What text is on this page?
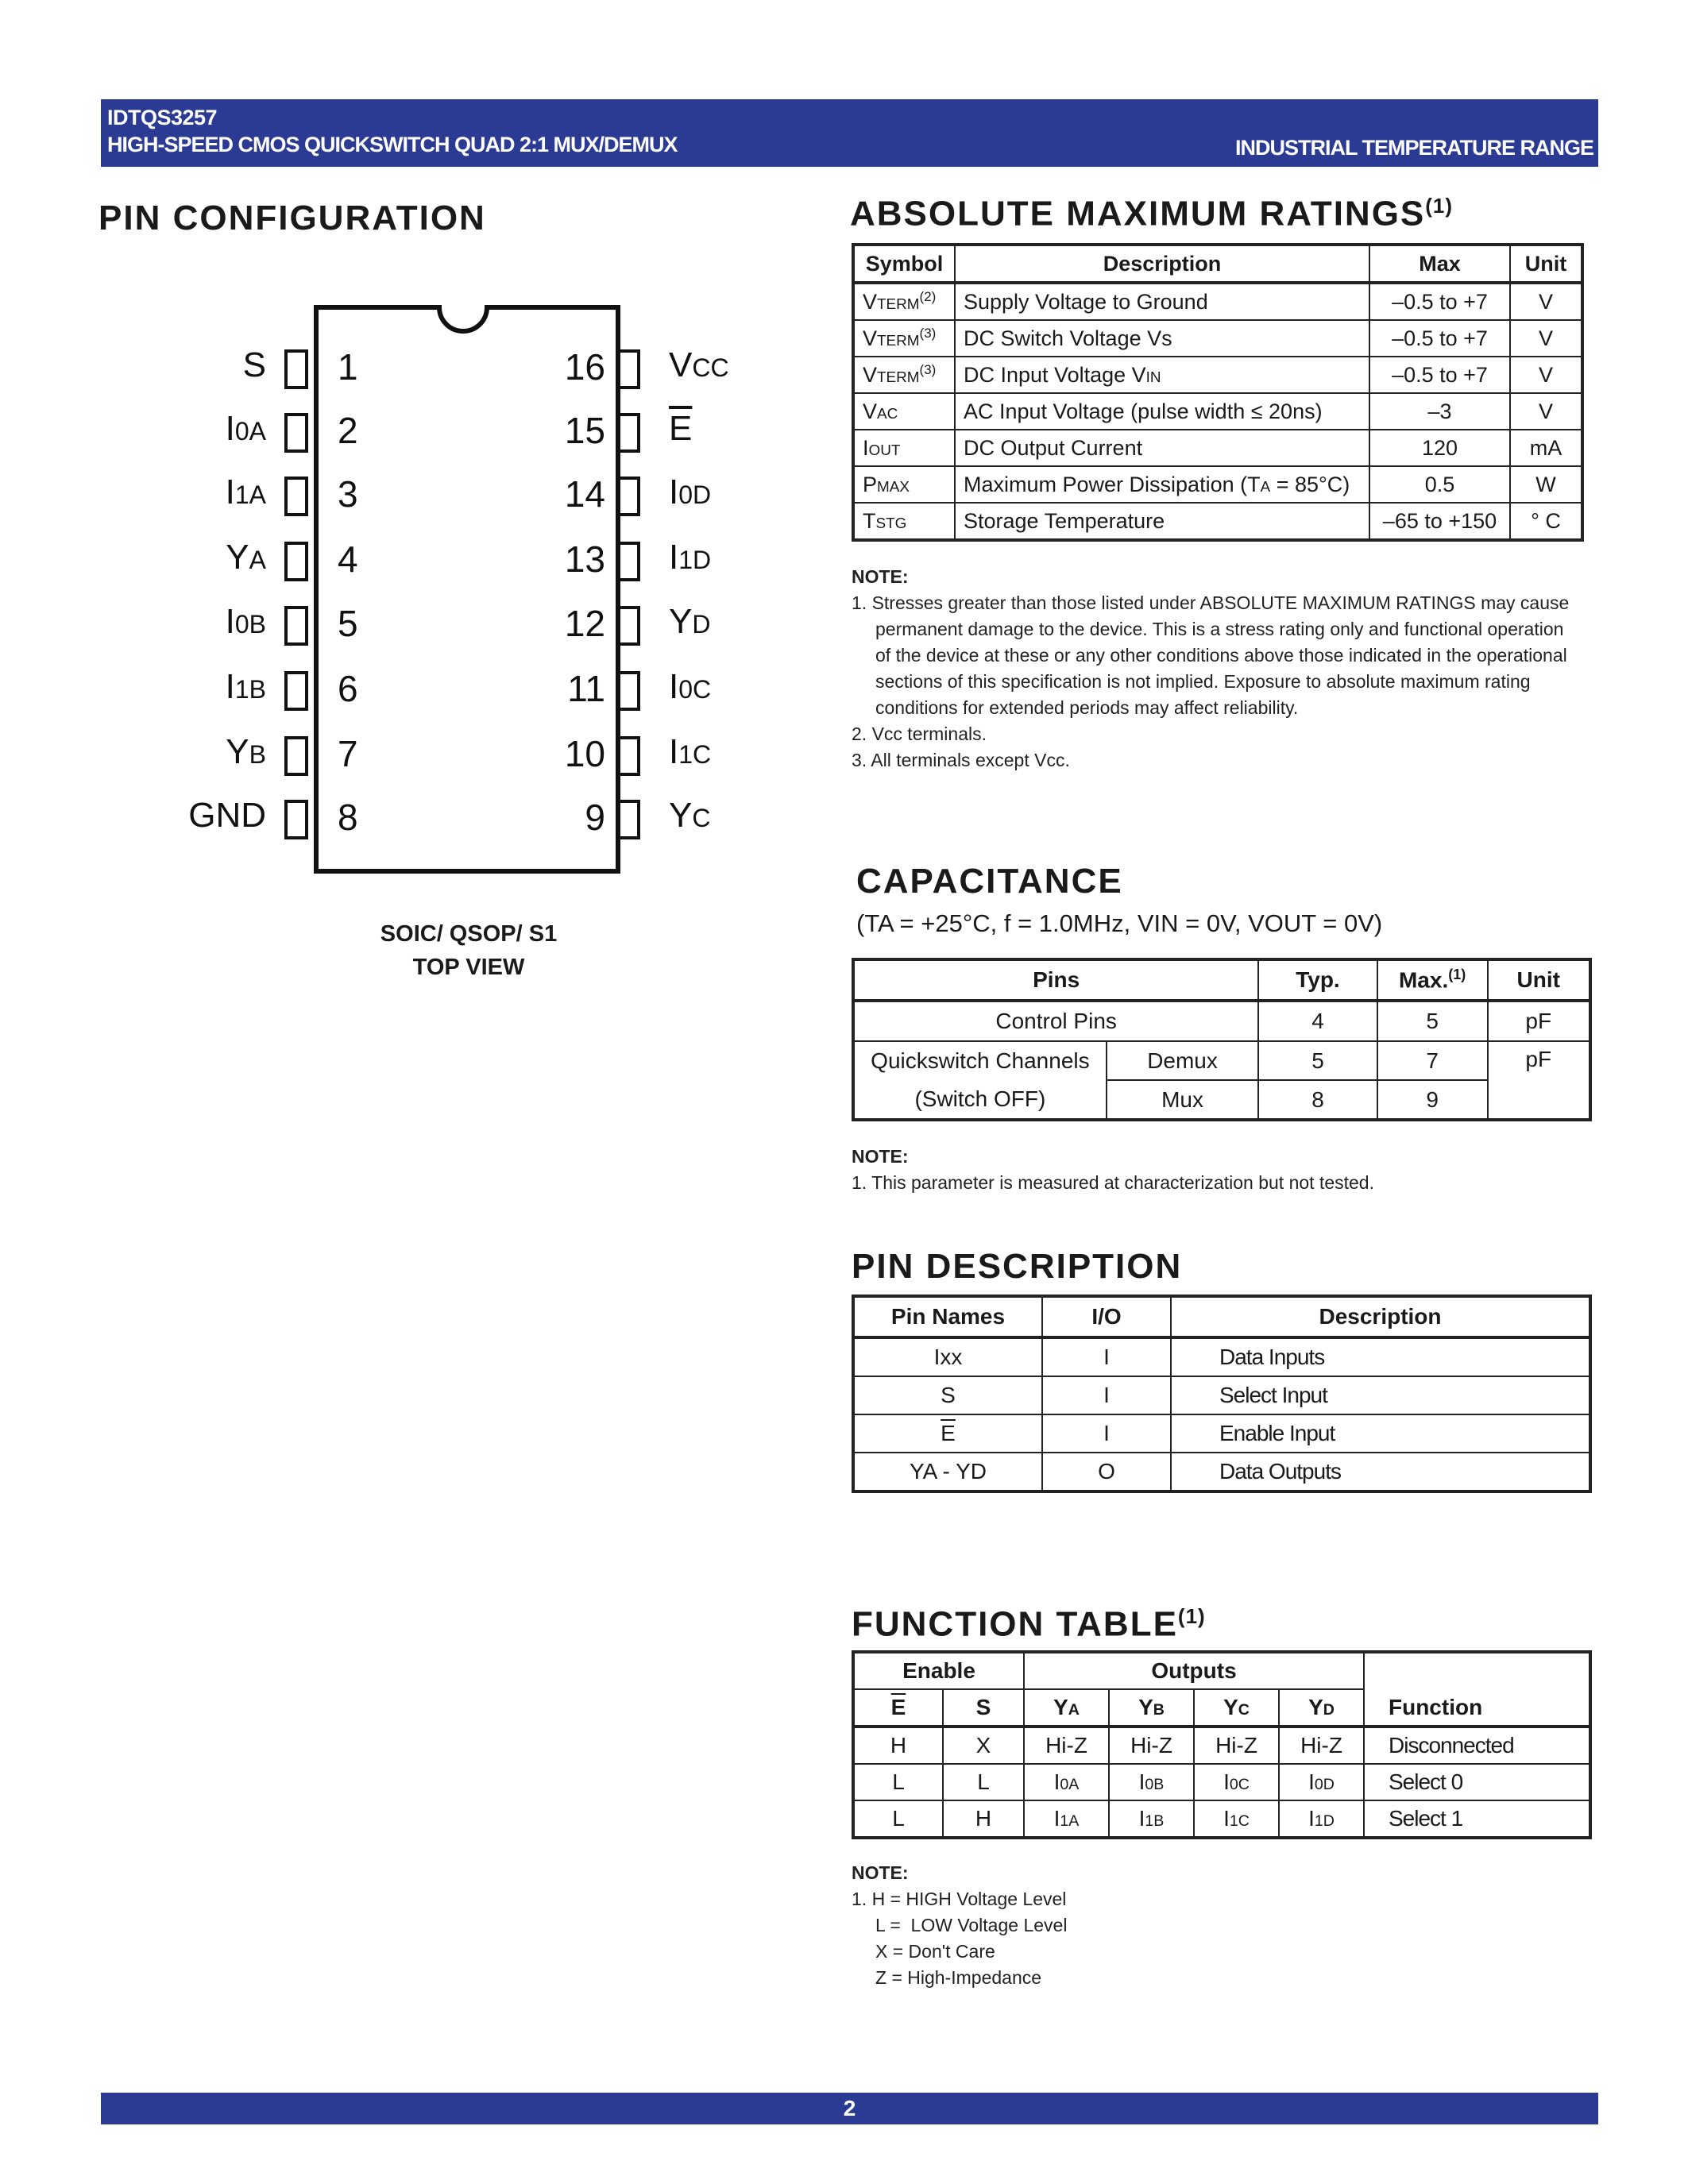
IDTQS3257
HIGH-SPEED CMOS QUICKSWITCH QUAD 2:1 MUX/DEMUX	INDUSTRIAL TEMPERATURE RANGE
PIN CONFIGURATION
1
S
2
I0A
3
I1A
4
YA
5
I0B
6
I1B
7
YB
8
GND
16 VCC
15 $\overline{E}$
14 I0D
13 I1D
12 YD
11 I0C
10 I1C
9 YC
SOIC/ QSOP/ S1
TOP VIEW
ABSOLUTE MAXIMUM RATINGS$^{(1)}$
Symbol	Description	Max	Unit
VTERM$^{(2)}$	Supply Voltage to Ground	–0.5 to +7	V
VTERM$^{(3)}$	DC Switch Voltage Vs	–0.5 to +7	V
VTERM$^{(3)}$	DC Input Voltage VIN	–0.5 to +7	V
VAC	AC Input Voltage (pulse width ≤ 20ns)	–3	V
IOUT	DC Output Current	120	mA
PMAX	Maximum Power Dissipation (TA = 85°C)	0.5	W
TSTG	Storage Temperature	–65 to +150	° C
NOTE:
1. Stresses greater than those listed under ABSOLUTE MAXIMUM RATINGS may cause
permanent damage to the device. This is a stress rating only and functional operation
of the device at these or any other conditions above those indicated in the operational
sections of this specification is not implied. Exposure to absolute maximum rating
conditions for extended periods may affect reliability.
2. Vcc terminals.
3. All terminals except Vcc.
CAPACITANCE
(TA = +25°C, f = 1.0MHz, VIN = 0V, VOUT = 0V)
Pins		Typ.	Max.$^{(1)}$	Unit
Control Pins		4	5	pF
Quickswitch Channels	Demux	5	7	pF
(Switch OFF)	Mux	8	9	
NOTE:
1. This parameter is measured at characterization but not tested.
PIN DESCRIPTION
Pin Names	I/O	Description
Ixx	I	Data Inputs
S	I	Select Input
$\overline{E}$	I	Enable Input
YA - YD	O	Data Outputs
FUNCTION TABLE$^{(1)}$
Enable		Outputs				Function
$\overline{E}$	S	YA	YB	YC	YD	
H	X	Hi-Z	Hi-Z	Hi-Z	Hi-Z	Disconnected
L	L	I0A	I0B	I0C	I0D	Select 0
L	H	I1A	I1B	I1C	I1D	Select 1
NOTE:
1. H = HIGH Voltage Level
L =  LOW Voltage Level
X = Don't Care
Z = High-Impedance
2
